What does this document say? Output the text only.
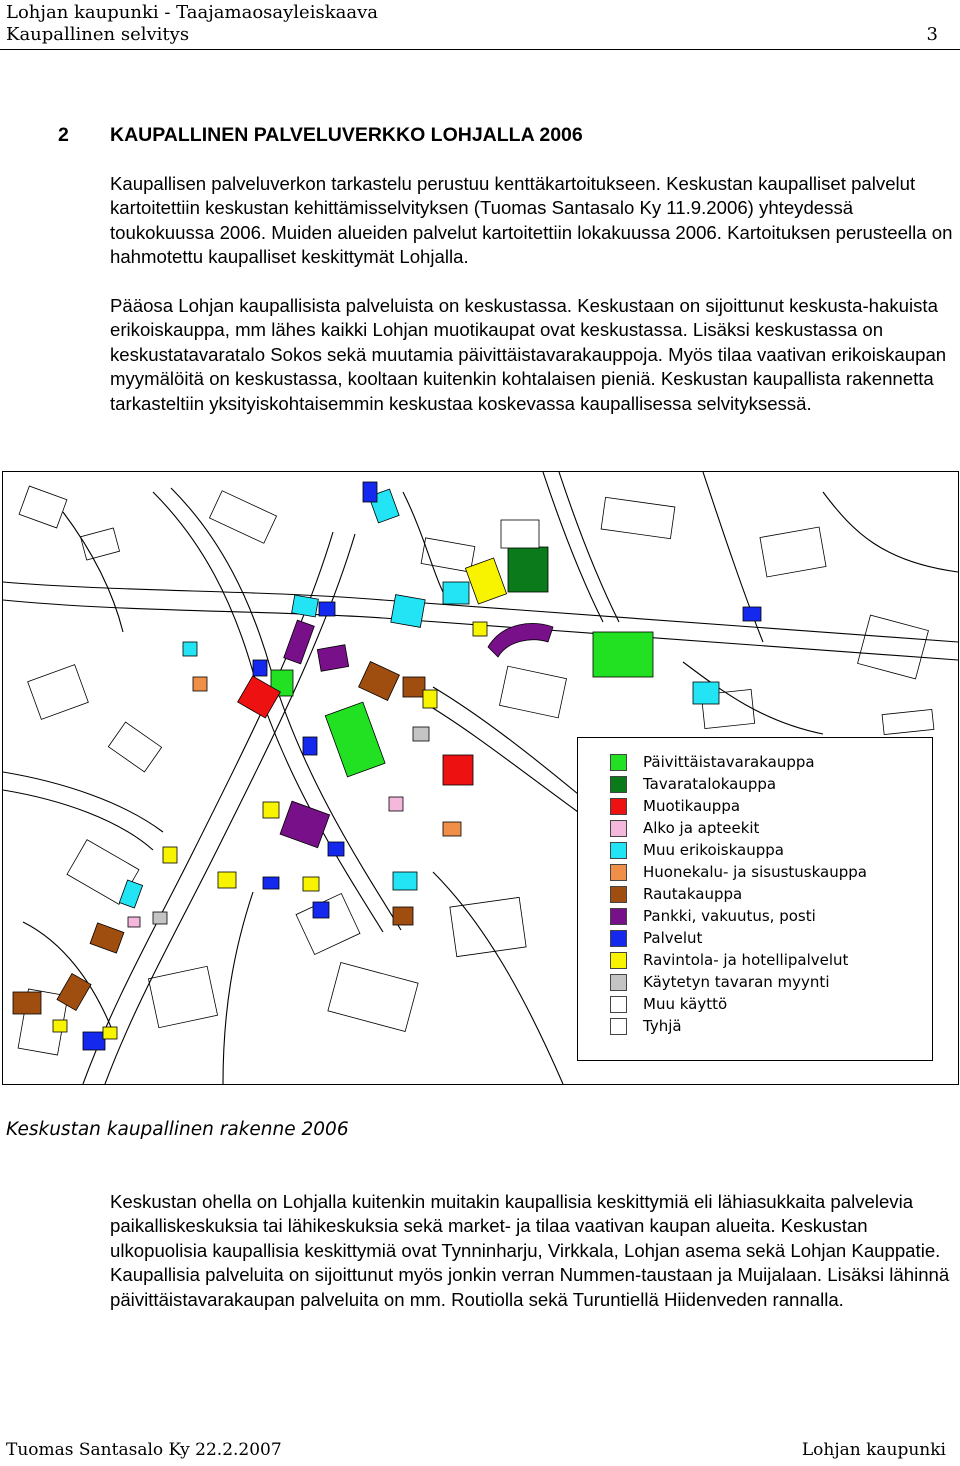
Lohjan kaupunki - Taajamaosayleiskaava
Kaupallinen selvitys	3
2 KAUPALLINEN PALVELUVERKKO LOHJALLA 2006

Kaupallisen palveluverkon tarkastelu perustuu kenttäkartoitukseen. Keskustan kaupalliset palvelut kartoitettiin keskustan kehittämisselvityksen (Tuomas Santasalo Ky 11.9.2006) yhteydessä toukokuussa 2006. Muiden alueiden palvelut kartoitettiin lokakuussa 2006. Kartoituksen perusteella on hahmotettu kaupalliset keskittymät Lohjalla.

Pääosa Lohjan kaupallisista palveluista on keskustassa. Keskustaan on sijoittunut keskusta-hakuista erikoiskauppa, mm lähes kaikki Lohjan muotikaupat ovat keskustassa. Lisäksi keskustassa on keskustatavaratalo Sokos sekä muutamia päivittäistavarakauppoja. Myös tilaa vaativan erikoiskaupan myymälöitä on keskustassa, kooltaan kuitenkin kohtalaisen pieniä. Keskustan kaupallista rakennetta tarkasteltiin yksityiskohtaisemmin keskustaa koskevassa kaupallisessa selvityksessä.

Päivittäistavarakauppa
Tavaratalokauppa
Muotikauppa
Alko ja apteekit
Muu erikoiskauppa
Huonekalu- ja sisustuskauppa
Rautakauppa
Pankki, vakuutus, posti
Palvelut
Ravintola- ja hotellipalvelut
Käytetyn tavaran myynti
Muu käyttö
Tyhjä
Keskustan kaupallinen rakenne 2006

Keskustan ohella on Lohjalla kuitenkin muitakin kaupallisia keskittymiä eli lähiasukkaita palvelevia paikalliskeskuksia tai lähikeskuksia sekä market- ja tilaa vaativan kaupan alueita. Keskustan ulkopuolisia kaupallisia keskittymiä ovat Tynninharju, Virkkala, Lohjan asema sekä Lohjan Kauppatie. Kaupallisia palveluita on sijoittunut myös jonkin verran Nummen-taustaan ja Muijalaan. Lisäksi lähinnä päivittäistavarakaupan palveluita on mm. Routiolla sekä Turuntiellä Hiidenveden rannalla.

Tuomas Santasalo Ky 22.2.2007	Lohjan kaupunki
